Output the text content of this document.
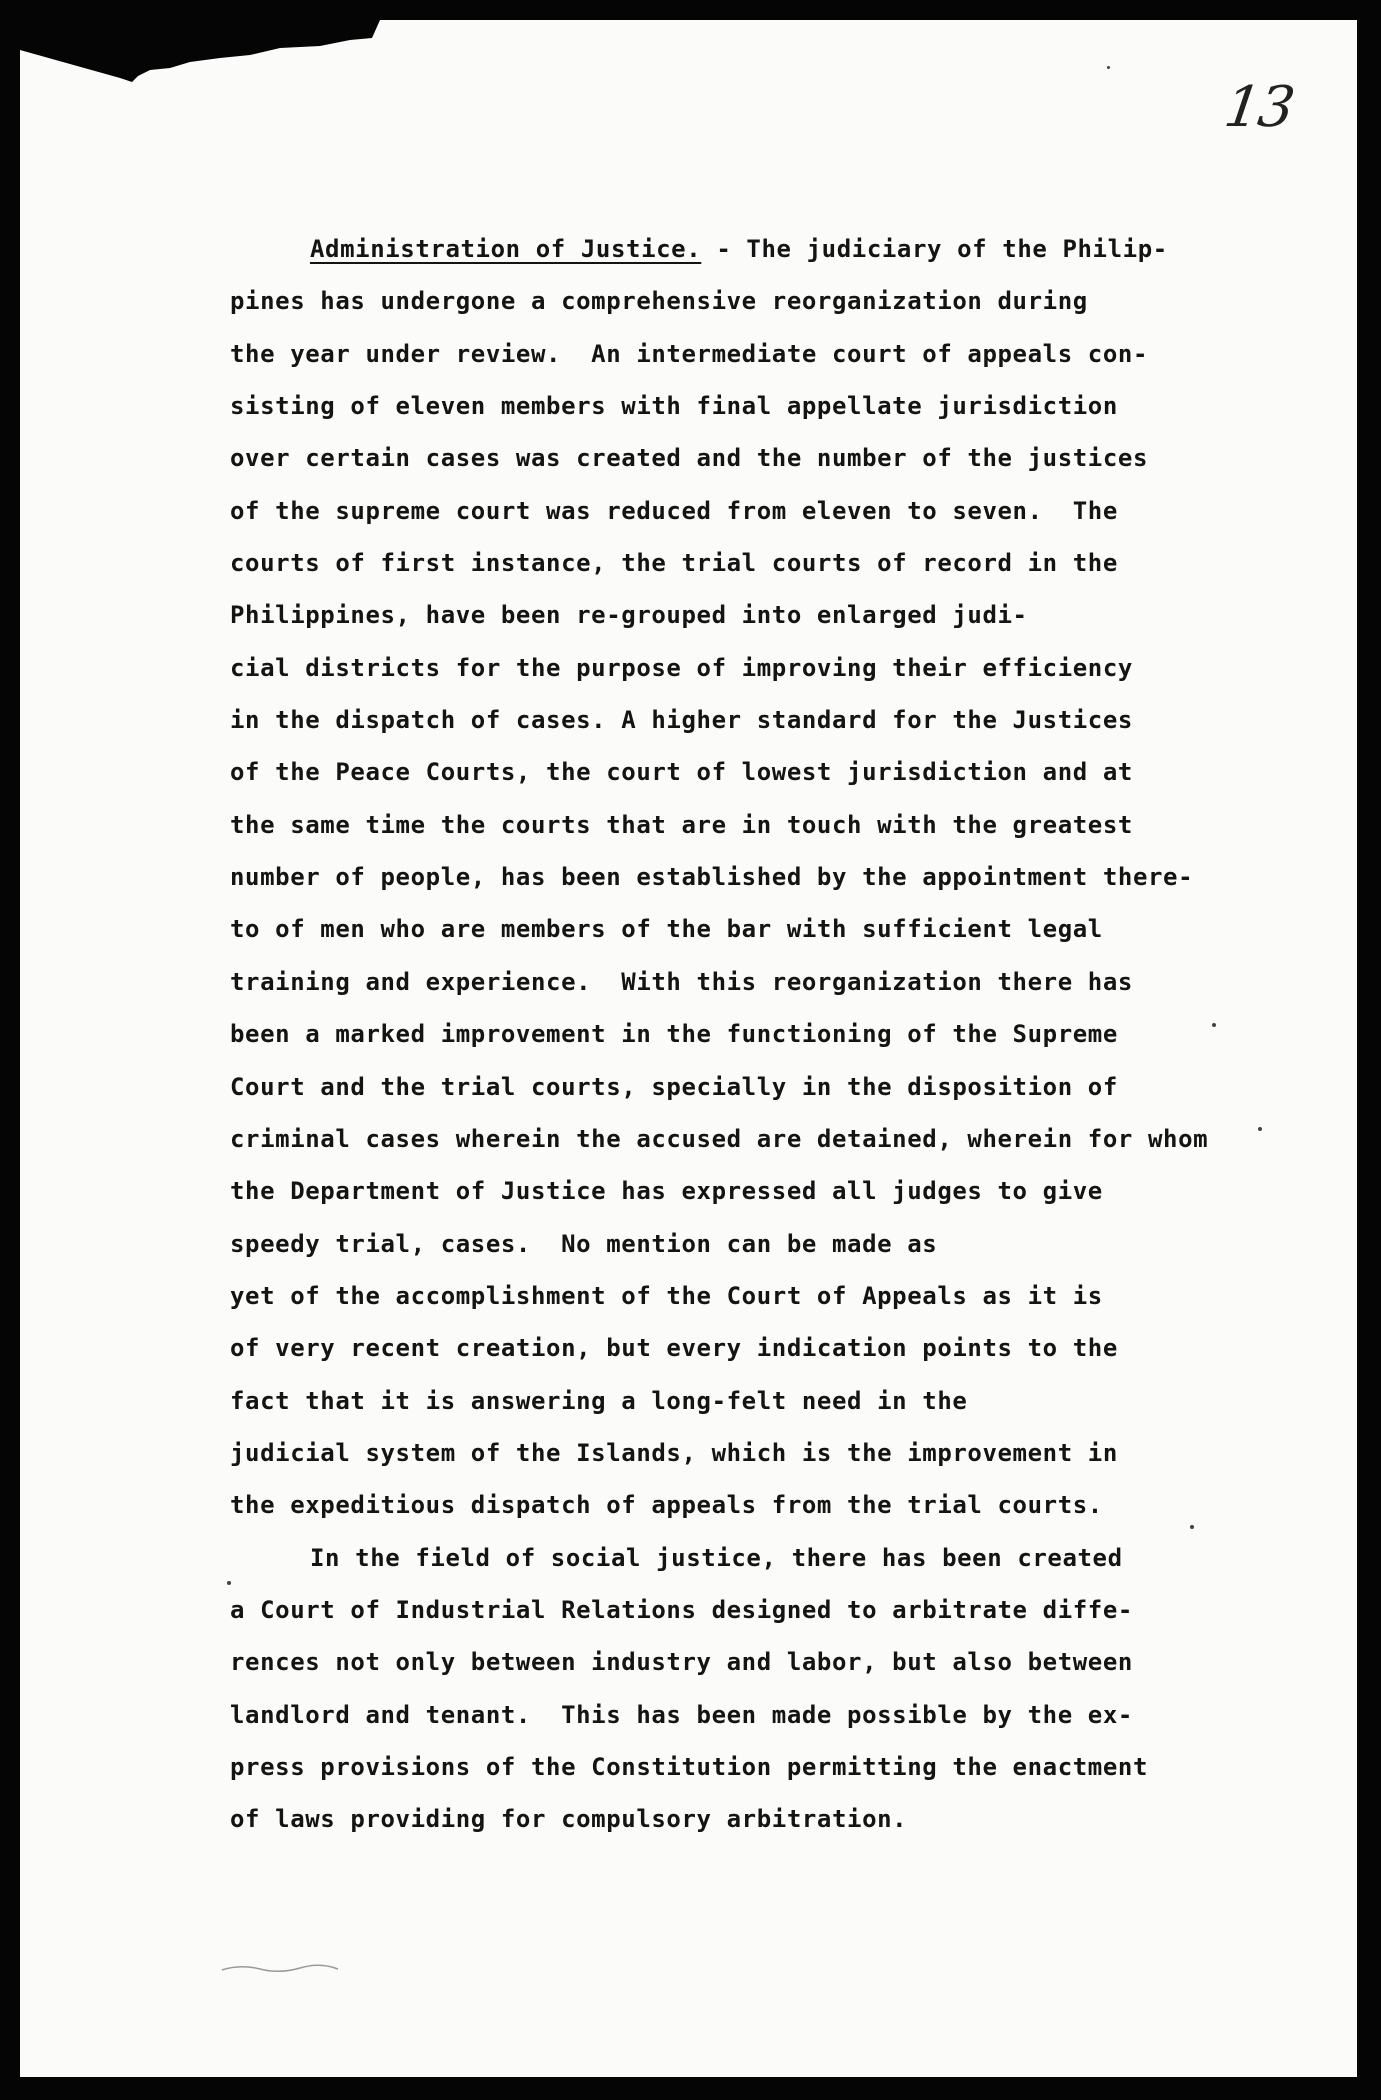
13
Administration of Justice. - The judiciary of the Philip-
pines has undergone a comprehensive reorganization during
the year under review.  An intermediate court of appeals con-
sisting of eleven members with final appellate jurisdiction
over certain cases was created and the number of the justices
of the supreme court was reduced from eleven to seven.  The
courts of first instance, the trial courts of record in the
Philippines, have been re-grouped into enlarged judi-
cial districts for the purpose of improving their efficiency
in the dispatch of cases. A higher standard for the Justices
of the Peace Courts, the court of lowest jurisdiction and at
the same time the courts that are in touch with the greatest
number of people, has been established by the appointment there-
to of men who are members of the bar with sufficient legal
training and experience.  With this reorganization there has
been a marked improvement in the functioning of the Supreme
Court and the trial courts, specially in the disposition of
criminal cases wherein the accused are detained, wherein for whom
the Department of Justice has expressed all judges to give
speedy trial, cases.  No mention can be made as
yet of the accomplishment of the Court of Appeals as it is
of very recent creation, but every indication points to the
fact that it is answering a long-felt need in the
judicial system of the Islands, which is the improvement in
the expeditious dispatch of appeals from the trial courts.
In the field of social justice, there has been created
a Court of Industrial Relations designed to arbitrate diffe-
rences not only between industry and labor, but also between
landlord and tenant.  This has been made possible by the ex-
press provisions of the Constitution permitting the enactment
of laws providing for compulsory arbitration.
